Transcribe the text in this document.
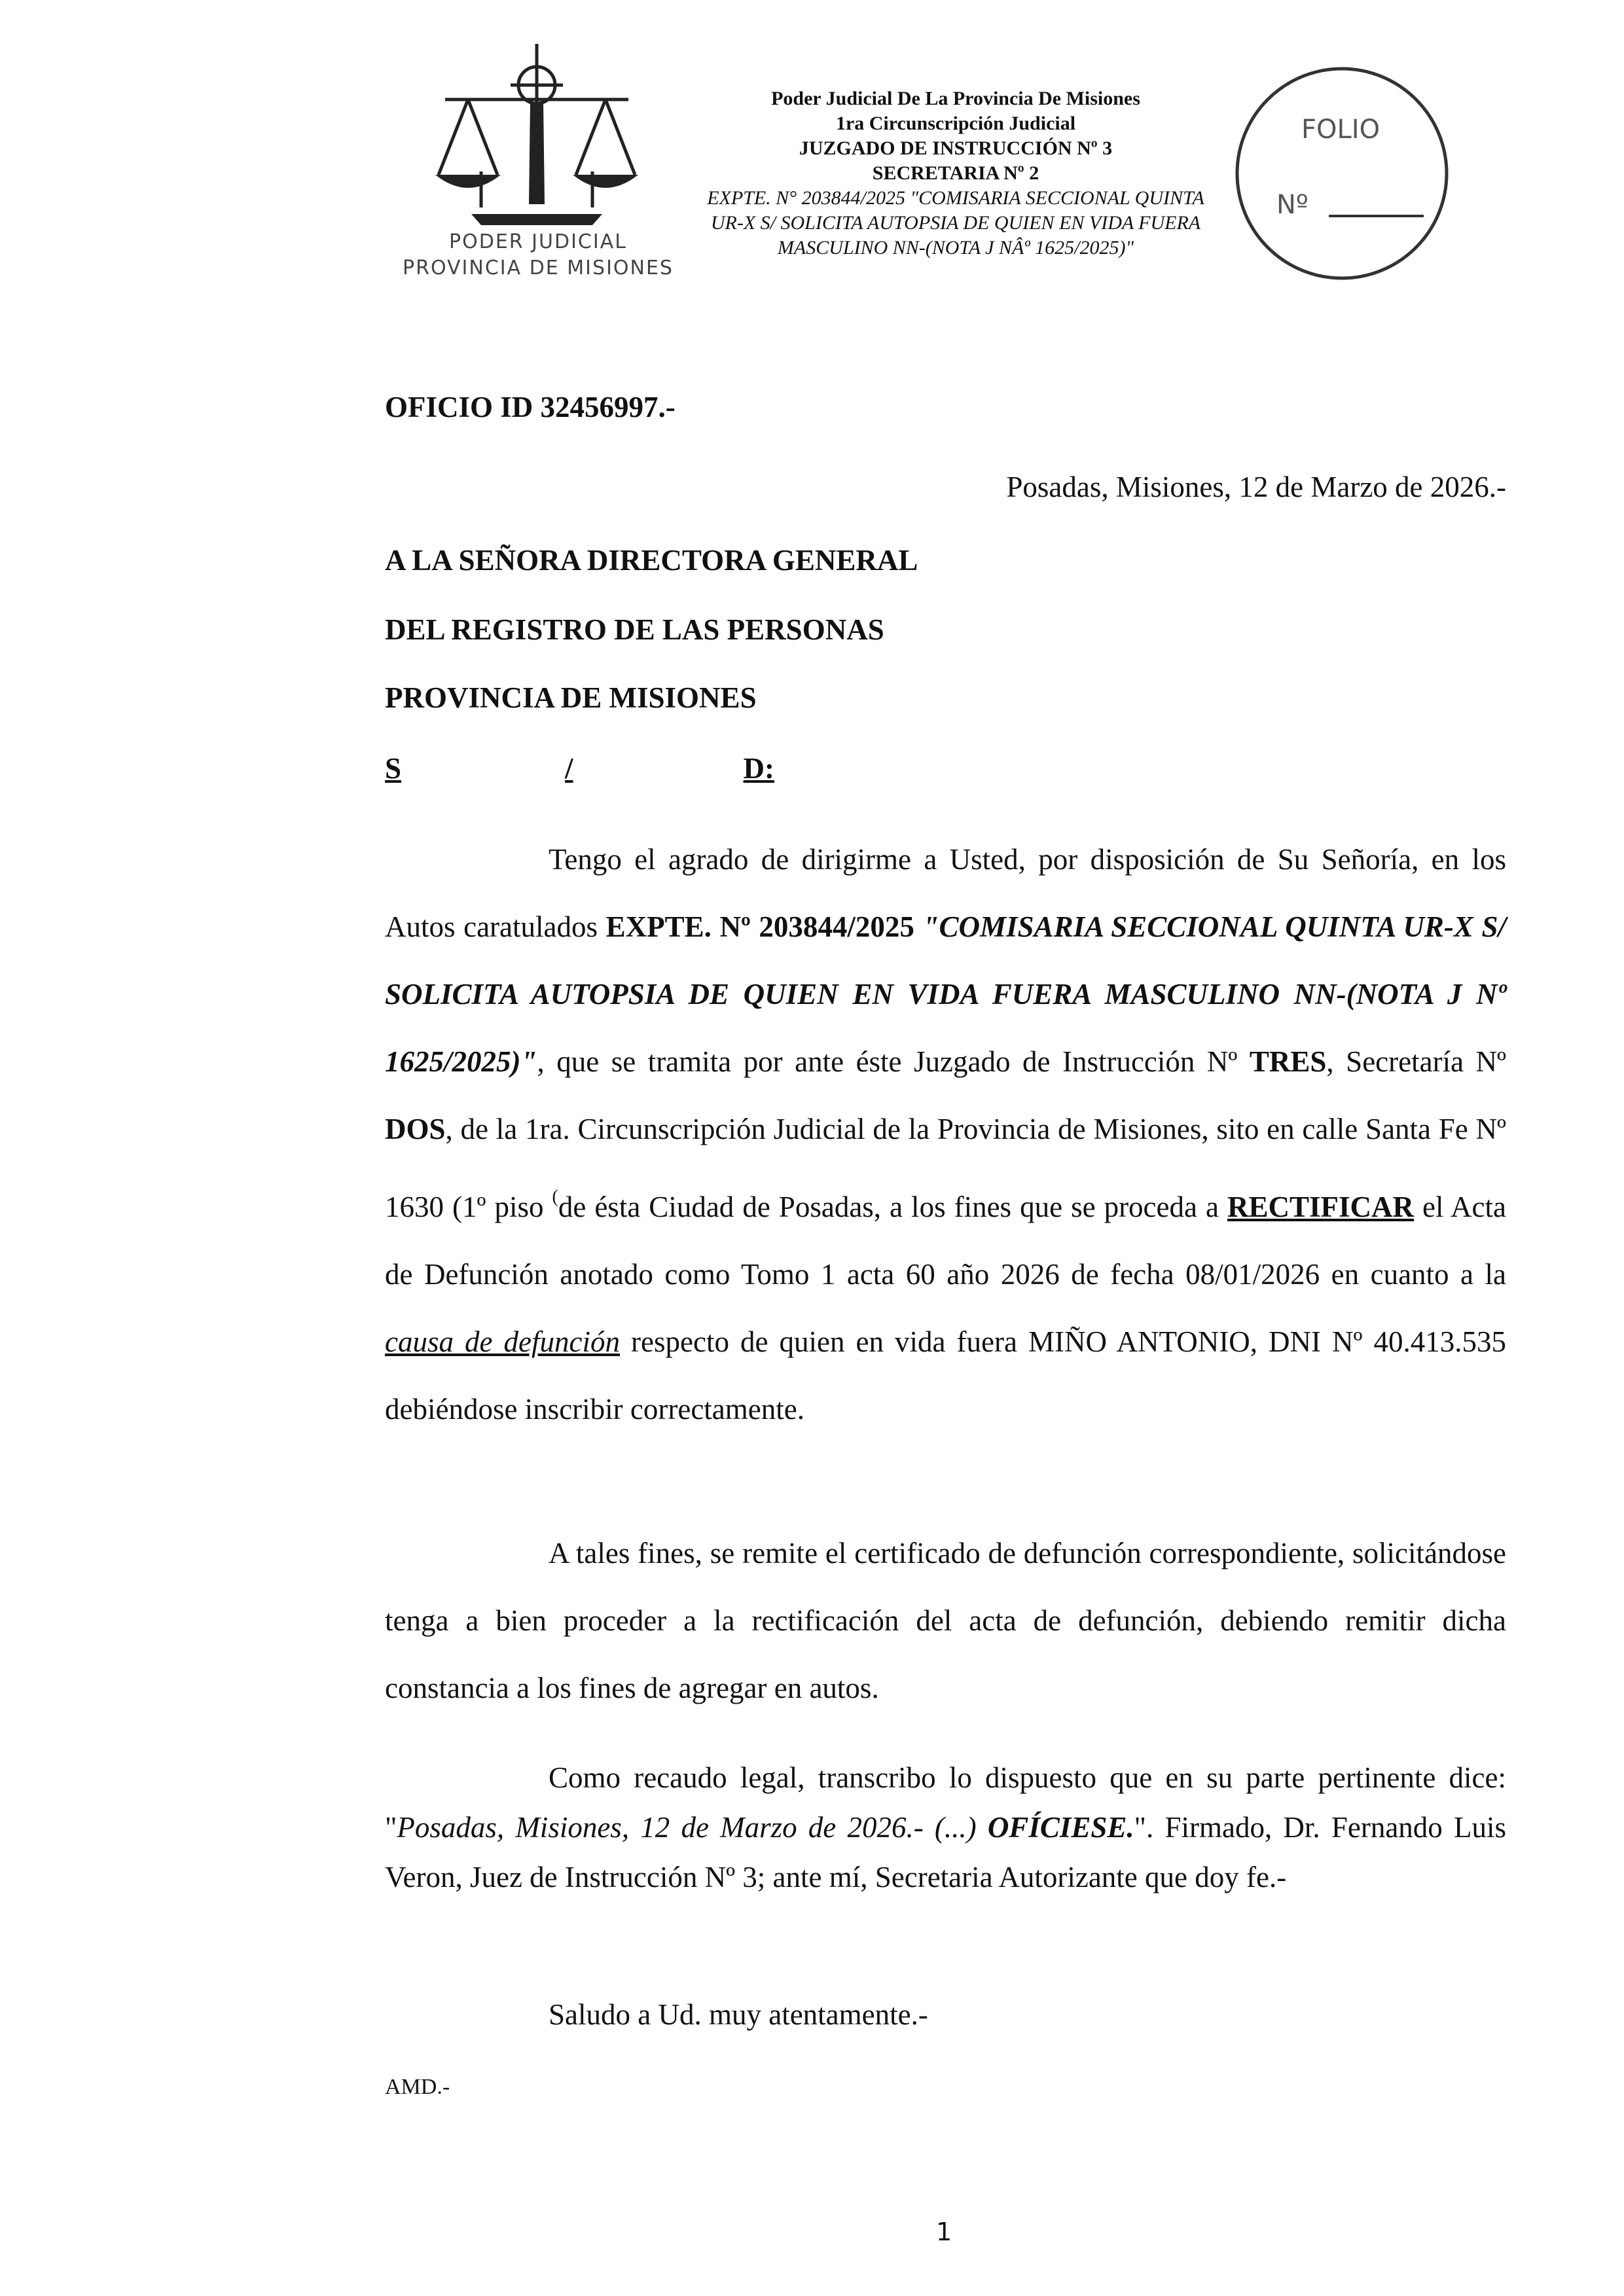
PODER JUDICIAL
PROVINCIA DE MISIONES
Poder Judicial De La Provincia De Misiones
1ra Circunscripción Judicial
JUZGADO DE INSTRUCCIÓN Nº 3
SECRETARIA Nº 2
EXPTE. N° 203844/2025 "COMISARIA SECCIONAL QUINTA
UR-X S/ SOLICITA AUTOPSIA DE QUIEN EN VIDA FUERA
MASCULINO NN-(NOTA J NÂº 1625/2025)"
FOLIO
Nº
OFICIO ID 32456997.-
Posadas, Misiones, 12 de Marzo de 2026.-
A LA SEÑORA DIRECTORA GENERAL
DEL REGISTRO DE LAS PERSONAS
PROVINCIA DE MISIONES
S	/	D:
Tengo el agrado de dirigirme a Usted, por disposición de Su Señoría, en los Autos caratulados EXPTE. Nº 203844/2025 "COMISARIA SECCIONAL QUINTA UR-X S/ SOLICITA AUTOPSIA DE QUIEN EN VIDA FUERA MASCULINO NN-(NOTA J Nº 1625/2025)", que se tramita por ante éste Juzgado de Instrucción Nº TRES, Secretaría Nº DOS, de la 1ra. Circunscripción Judicial de la Provincia de Misiones, sito en calle Santa Fe Nº 1630 (1º piso (de ésta Ciudad de Posadas, a los fines que se proceda a RECTIFICAR el Acta de Defunción anotado como Tomo 1 acta 60 año 2026 de fecha 08/01/2026 en cuanto a la causa de defunción respecto de quien en vida fuera MIÑO ANTONIO, DNI Nº 40.413.535 debiéndose inscribir correctamente.
A tales fines, se remite el certificado de defunción correspondiente, solicitándose tenga a bien proceder a la rectificación del acta de defunción, debiendo remitir dicha constancia a los fines de agregar en autos.
Como recaudo legal, transcribo lo dispuesto que en su parte pertinente dice: "Posadas, Misiones, 12 de Marzo de 2026.- (...) OFÍCIESE.". Firmado, Dr. Fernando Luis Veron, Juez de Instrucción Nº 3; ante mí, Secretaria Autorizante que doy fe.-
Saludo a Ud. muy atentamente.-
AMD.-
1
